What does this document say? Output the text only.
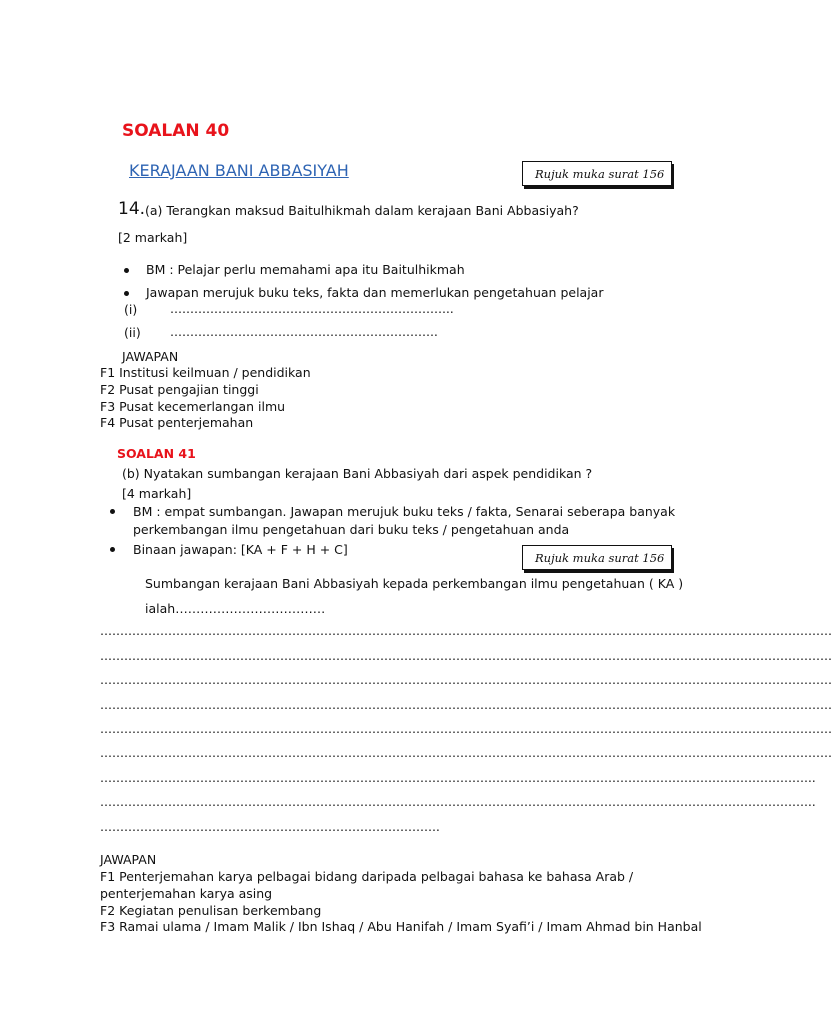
SOALAN 40
KERAJAAN BANI ABBASIYAH	Rujuk muka surat 156
14. (a) Terangkan maksud Baitulhikmah dalam kerajaan Bani Abbasiyah?
[2 markah]
BM : Pelajar perlu memahami apa itu Baitulhikmah
Jawapan merujuk buku teks, fakta dan memerlukan pengetahuan pelajar
(i)	……………………………………………………………..
(ii) ………………………………………………………….
JAWAPAN
F1 Institusi keilmuan / pendidikan
F2 Pusat pengajian tinggi
F3 Pusat kecemerlangan ilmu
F4 Pusat penterjemahan
SOALAN 41
(b) Nyatakan sumbangan kerajaan Bani Abbasiyah dari aspek pendidikan ?
[4 markah]
BM : empat sumbangan. Jawapan merujuk buku teks / fakta, Senarai seberapa banyak
perkembangan ilmu pengetahuan dari buku teks / pengetahuan anda
Binaan jawapan: [KA + F + H + C]
Rujuk muka surat 156
Sumbangan kerajaan Bani Abbasiyah kepada perkembangan ilmu pengetahuan ( KA )
ialah………………………………
…………………………………………………………………………………………………………………………………………………………………
…………………………………………………………………………………………………………………………………………………………………
…………………………………………………………………………………………………………………………………………………………………
…………………………………………………………………………………………………………………………………………………………………
…………………………………………………………………………………………………………………………………………………………………
…………………………………………………………………………………………………………………………………………………………………
……………………………………………………………………………………………………………………………………………………………..
……………………………………………………………………………………………………………………………………………………………..
………………………………………………………………………….
JAWAPAN
F1 Penterjemahan karya pelbagai bidang daripada pelbagai bahasa ke bahasa Arab /
penterjemahan karya asing
F2 Kegiatan penulisan berkembang
F3 Ramai ulama / Imam Malik / Ibn Ishaq / Abu Hanifah / Imam Syafi’i / Imam Ahmad bin Hanbal
